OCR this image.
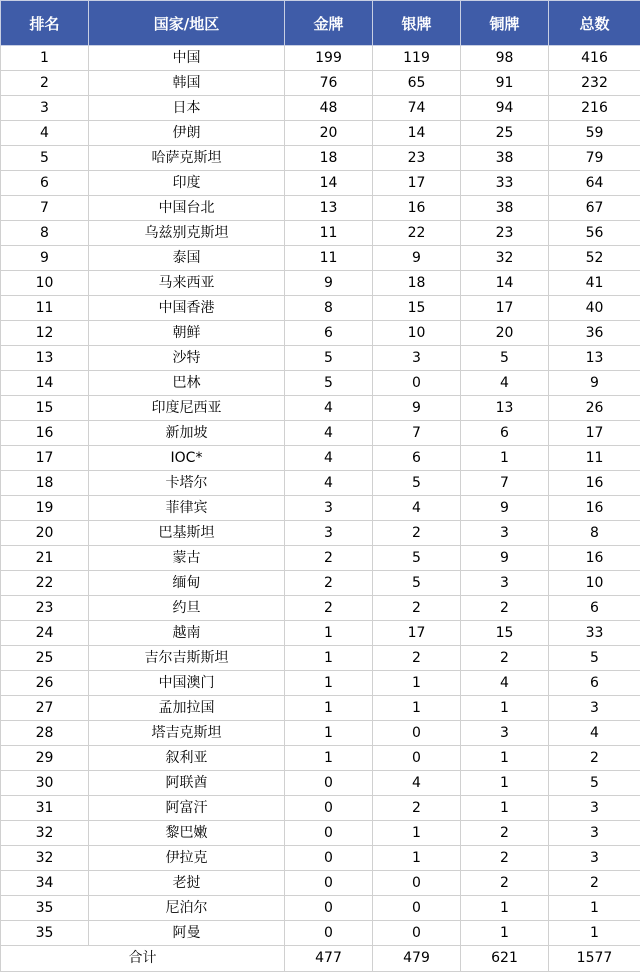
排名	国家/地区	金牌	银牌	铜牌	总数
1	中国	199	119	98	416
2	韩国	76	65	91	232
3	日本	48	74	94	216
4	伊朗	20	14	25	59
5	哈萨克斯坦	18	23	38	79
6	印度	14	17	33	64
7	中国台北	13	16	38	67
8	乌兹别克斯坦	11	22	23	56
9	泰国	11	9	32	52
10	马来西亚	9	18	14	41
11	中国香港	8	15	17	40
12	朝鲜	6	10	20	36
13	沙特	5	3	5	13
14	巴林	5	0	4	9
15	印度尼西亚	4	9	13	26
16	新加坡	4	7	6	17
17	IOC*	4	6	1	11
18	卡塔尔	4	5	7	16
19	菲律宾	3	4	9	16
20	巴基斯坦	3	2	3	8
21	蒙古	2	5	9	16
22	缅甸	2	5	3	10
23	约旦	2	2	2	6
24	越南	1	17	15	33
25	吉尔吉斯斯坦	1	2	2	5
26	中国澳门	1	1	4	6
27	孟加拉国	1	1	1	3
28	塔吉克斯坦	1	0	3	4
29	叙利亚	1	0	1	2
30	阿联酋	0	4	1	5
31	阿富汗	0	2	1	3
32	黎巴嫩	0	1	2	3
32	伊拉克	0	1	2	3
34	老挝	0	0	2	2
35	尼泊尔	0	0	1	1
35	阿曼	0	0	1	1
合计		477	479	621	1577
